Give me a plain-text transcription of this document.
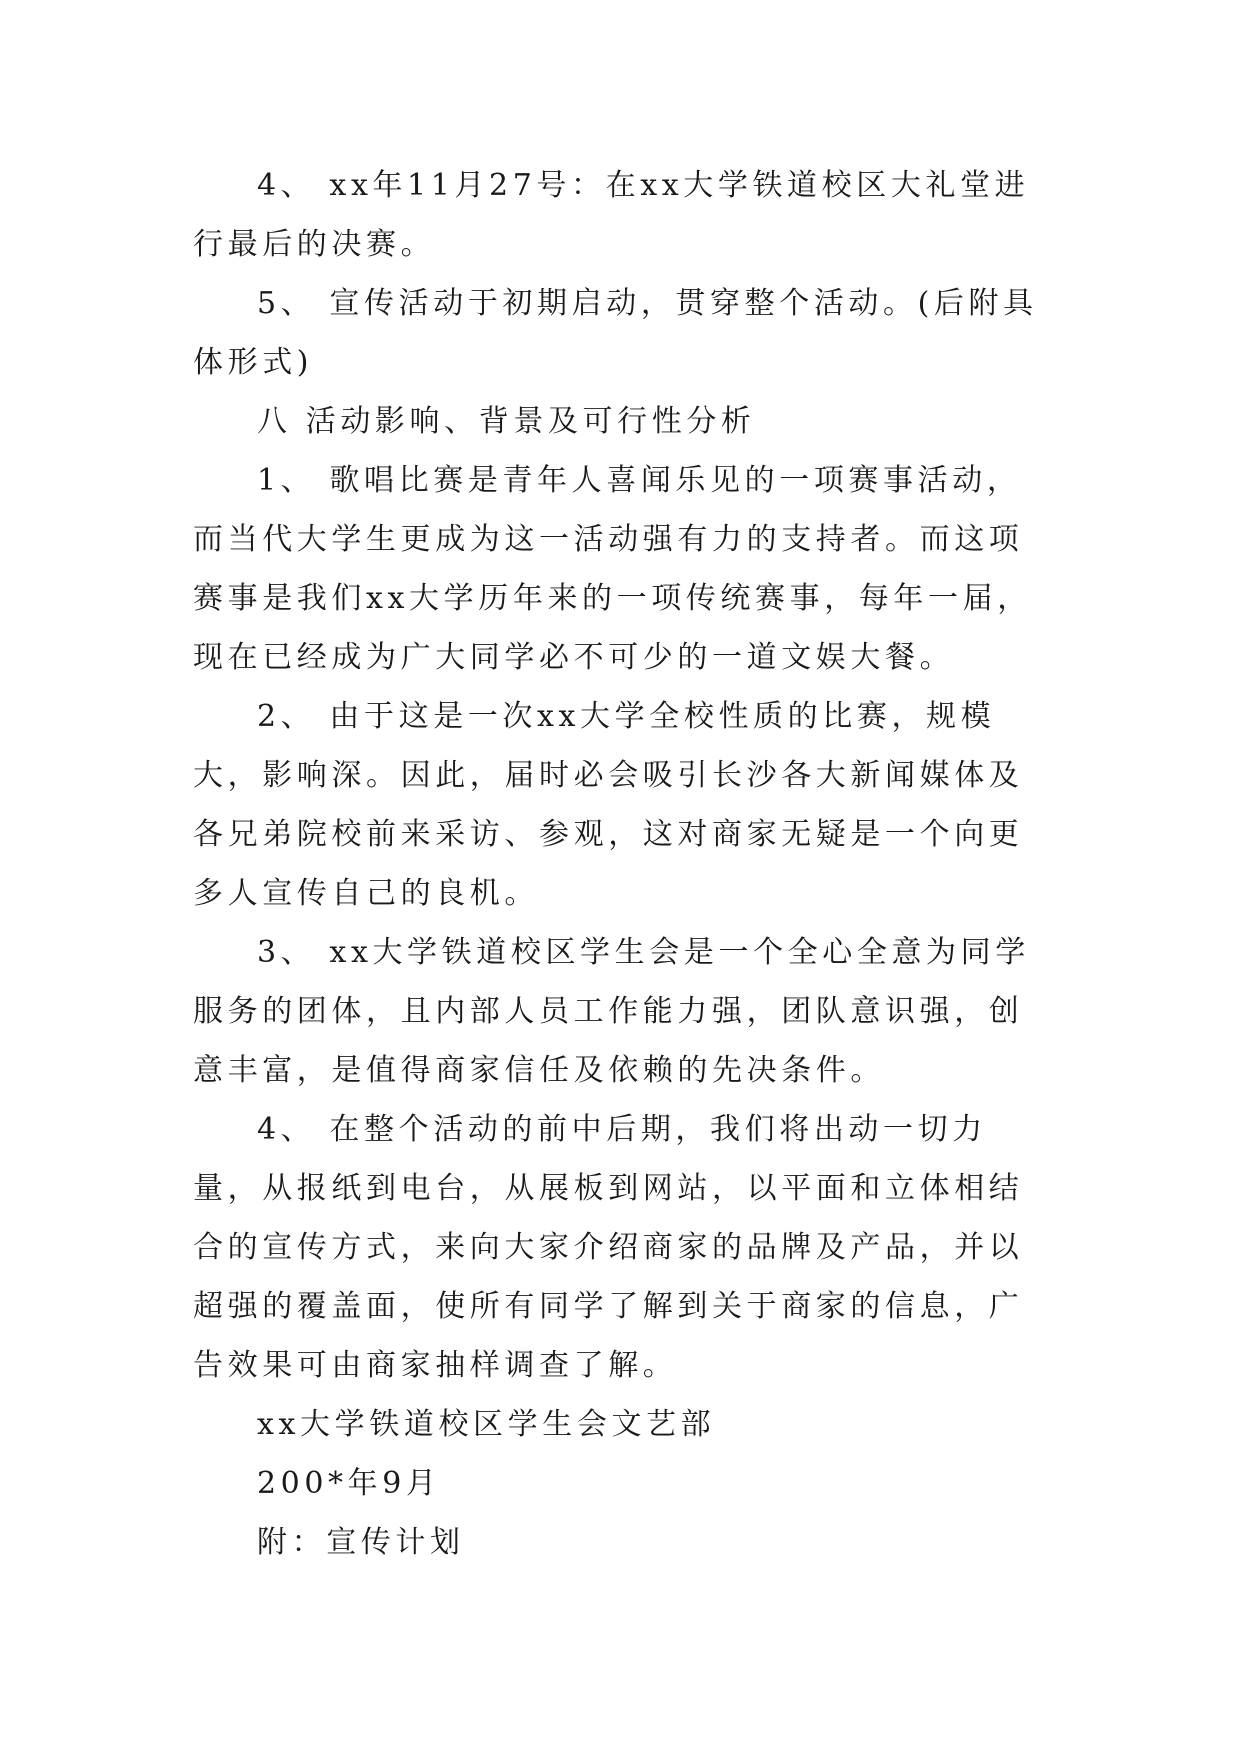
4、 xx年11月27号：在xx大学铁道校区大礼堂进行最后的决赛。

5、 宣传活动于初期启动，贯穿整个活动。(后附具体形式)

八 活动影响、背景及可行性分析

1、 歌唱比赛是青年人喜闻乐见的一项赛事活动，而当代大学生更成为这一活动强有力的支持者。而这项赛事是我们xx大学历年来的一项传统赛事，每年一届，现在已经成为广大同学必不可少的一道文娱大餐。

2、 由于这是一次xx大学全校性质的比赛，规模大，影响深。因此，届时必会吸引长沙各大新闻媒体及各兄弟院校前来采访、参观，这对商家无疑是一个向更多人宣传自己的良机。

3、 xx大学铁道校区学生会是一个全心全意为同学服务的团体，且内部人员工作能力强，团队意识强，创意丰富，是值得商家信任及依赖的先决条件。

4、 在整个活动的前中后期，我们将出动一切力量，从报纸到电台，从展板到网站，以平面和立体相结合的宣传方式，来向大家介绍商家的品牌及产品，并以超强的覆盖面，使所有同学了解到关于商家的信息，广告效果可由商家抽样调查了解。

xx大学铁道校区学生会文艺部

200*年9月

附：宣传计划
